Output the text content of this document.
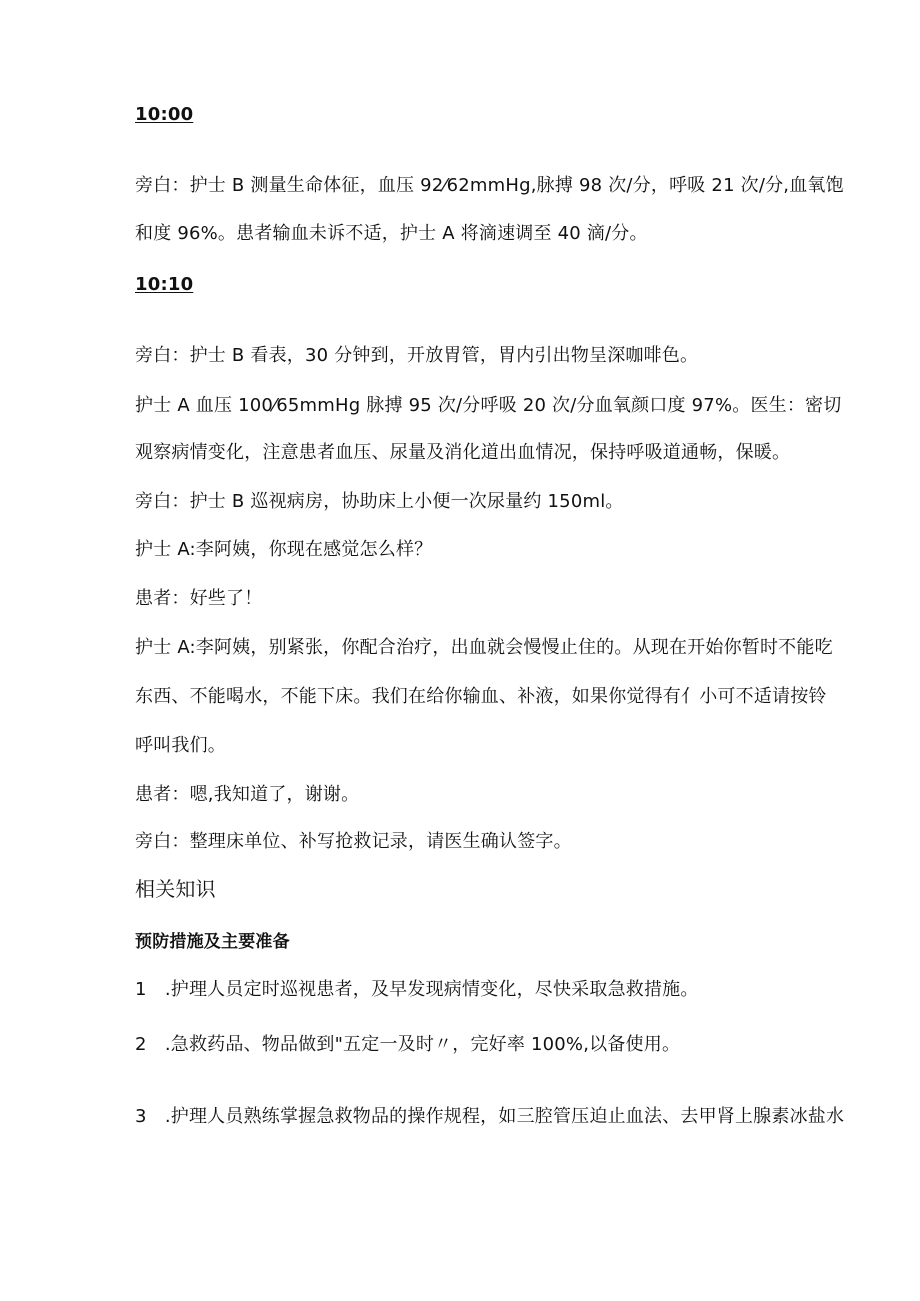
10:00
旁白：护士 B 测量生命体征，血压 92⁄62mmHg,脉搏 98 次/分，呼吸 21 次/分,血氧饱
和度 96%。患者输血未诉不适，护士 A 将滴速调至 40 滴/分。
10:10
旁白：护士 B 看表，30 分钟到，开放胃管，胃内引出物呈深咖啡色。
护士 A 血压 100⁄65mmHg 脉搏 95 次/分呼吸 20 次/分血氧颜口度 97%。医生：密切
观察病情变化，注意患者血压、尿量及消化道出血情况，保持呼吸道通畅，保暖。
旁白：护士 B 巡视病房，协助床上小便一次尿量约 150ml。
护士 A:李阿姨，你现在感觉怎么样？
患者：好些了！
护士 A:李阿姨，别紧张，你配合治疗，出血就会慢慢止住的。从现在开始你暂时不能吃
东西、不能喝水，不能下床。我们在给你输血、补液，如果你觉得有亻小可不适请按铃
呼叫我们。
患者：嗯,我知道了，谢谢。
旁白：整理床单位、补写抢救记录，请医生确认签字。
相关知识
预防措施及主要准备
1　.护理人员定时巡视患者，及早发现病情变化，尽快采取急救措施。
2　.急救药品、物品做到"五定一及时〃，完好率 100%,以备使用。
3　.护理人员熟练掌握急救物品的操作规程，如三腔管压迫止血法、去甲肾上腺素冰盐水
